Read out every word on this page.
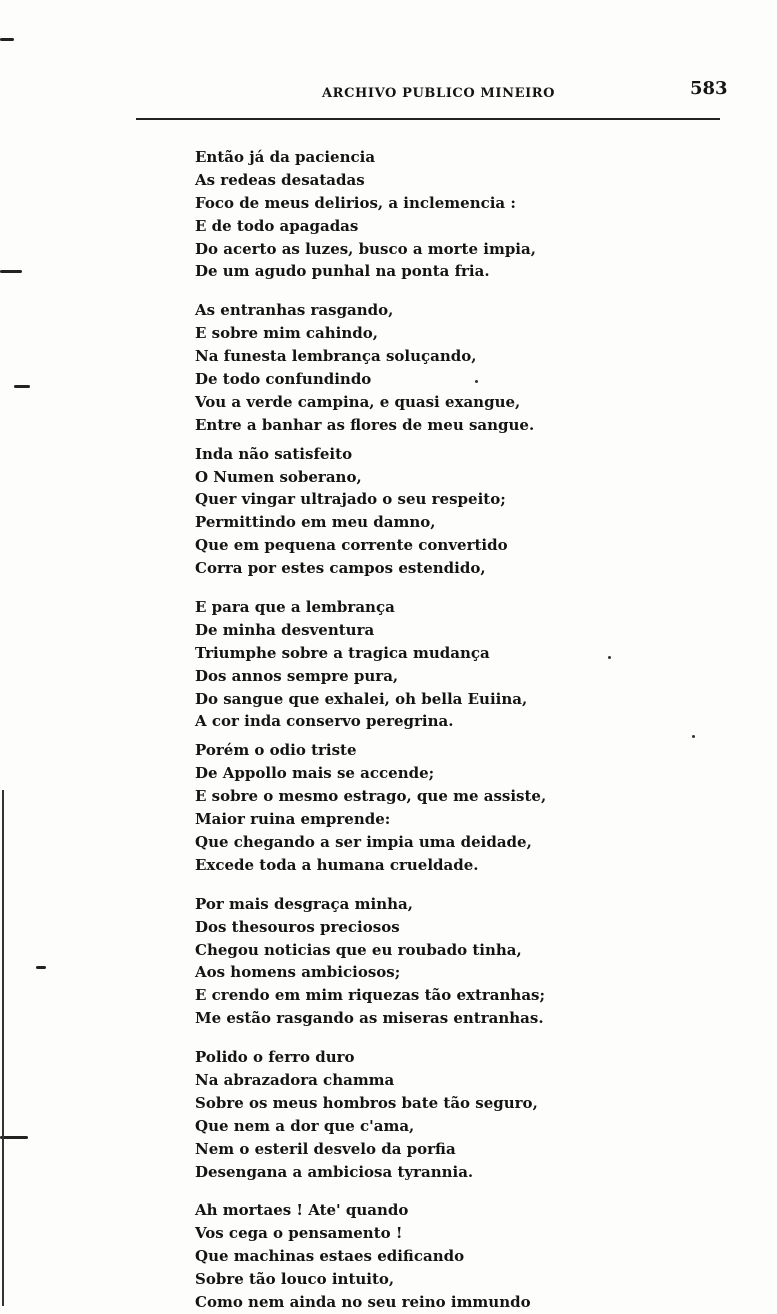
ARCHIVO PUBLICO MINEIRO	583
Então já da paciencia
As redeas desatadas
Foco de meus delirios, a inclemencia :
E de todo apagadas
Do acerto as luzes, busco a morte impia,
De um agudo punhal na ponta fria.
As entranhas rasgando,
E sobre mim cahindo,
Na funesta lembrança soluçando,
De todo confundindo
Vou a verde campina, e quasi exangue,
Entre a banhar as flores de meu sangue.
Inda não satisfeito
O Numen soberano,
Quer vingar ultrajado o seu respeito;
Permittindo em meu damno,
Que em pequena corrente convertido
Corra por estes campos estendido,
E para que a lembrança
De minha desventura
Triumphe sobre a tragica mudança
Dos annos sempre pura,
Do sangue que exhalei, oh bella Euiina,
A cor inda conservo peregrina.
Porém o odio triste
De Appollo mais se accende;
E sobre o mesmo estrago, que me assiste,
Maior ruina emprende:
Que chegando a ser impia uma deidade,
Excede toda a humana crueldade.
Por mais desgraça minha,
Dos thesouros preciosos
Chegou noticias que eu roubado tinha,
Aos homens ambiciosos;
E crendo em mim riquezas tão extranhas;
Me estão rasgando as miseras entranhas.
Polido o ferro duro
Na abrazadora chamma
Sobre os meus hombros bate tão seguro,
Que nem a dor que c'ama,
Nem o esteril desvelo da porfia
Desengana a ambiciosa tyrannia.
Ah mortaes ! Ate' quando
Vos cega o pensamento !
Que machinas estaes edificando
Sobre tão louco intuito,
Como nem ainda no seu reino immundo
